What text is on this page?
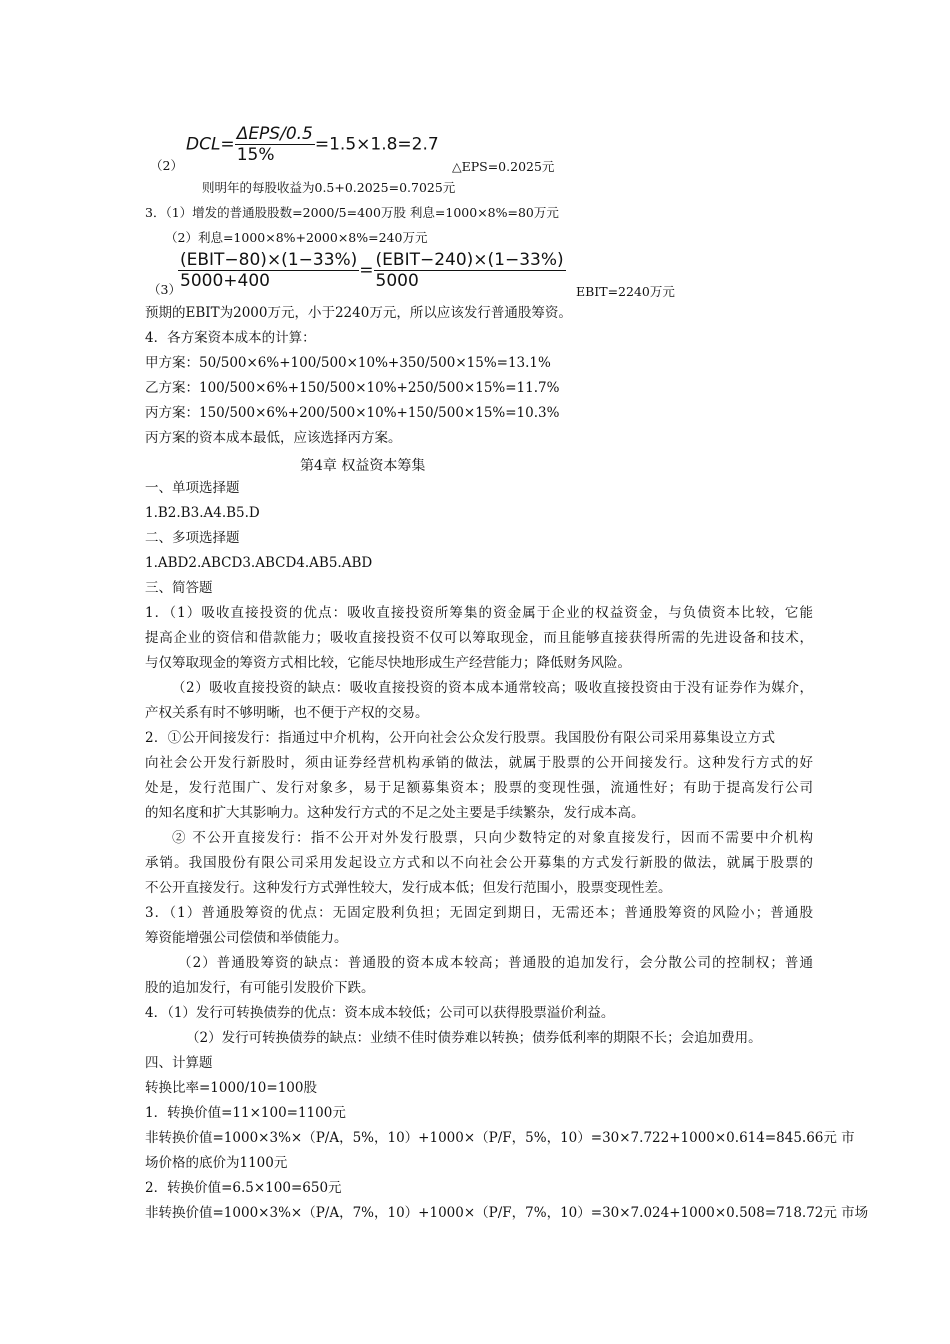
（2）
$DCL= \frac{\text{ΔEPS/0.5}}{15\%} =1.5\times 1.8=2.7$
△EPS=0.2025元
则明年的每股收益为0.5+0.2025=0.7025元
3．（1）增发的普通股股数=2000/5=400万股 利息=1000×8%=80万元
（2）利息=1000×8%+2000×8%=240万元
（3）
$\frac{\text{(EBIT−80)×(1−33\%)}}{5000+400} = \frac{\text{(EBIT−240)×(1−33\%)}}{5000}$
EBIT=2240万元
预期的EBIT为2000万元，小于2240万元，所以应该发行普通股筹资。
4．各方案资本成本的计算：
甲方案：50/500×6%+100/500×10%+350/500×15%=13.1%
乙方案：100/500×6%+150/500×10%+250/500×15%=11.7%
丙方案：150/500×6%+200/500×10%+150/500×15%=10.3%
丙方案的资本成本最低，应该选择丙方案。
第4章 权益资本筹集
一、单项选择题
1.B2.B3.A4.B5.D
二、多项选择题
1.ABD2.ABCD3.ABCD4.AB5.ABD
三、简答题
1．（1）吸收直接投资的优点：吸收直接投资所筹集的资金属于企业的权益资金，与负债资本比较，它能
提高企业的资信和借款能力；吸收直接投资不仅可以筹取现金，而且能够直接获得所需的先进设备和技术，
与仅筹取现金的筹资方式相比较，它能尽快地形成生产经营能力；降低财务风险。
（2）吸收直接投资的缺点：吸收直接投资的资本成本通常较高；吸收直接投资由于没有证券作为媒介，
产权关系有时不够明晰，也不便于产权的交易。
2．①公开间接发行：指通过中介机构，公开向社会公众发行股票。我国股份有限公司采用募集设立方式
向社会公开发行新股时，须由证券经营机构承销的做法，就属于股票的公开间接发行。这种发行方式的好
处是，发行范围广、发行对象多，易于足额募集资本；股票的变现性强，流通性好；有助于提高发行公司
的知名度和扩大其影响力。这种发行方式的不足之处主要是手续繁杂，发行成本高。
② 不公开直接发行：指不公开对外发行股票，只向少数特定的对象直接发行，因而不需要中介机构
承销。我国股份有限公司采用发起设立方式和以不向社会公开募集的方式发行新股的做法，就属于股票的
不公开直接发行。这种发行方式弹性较大，发行成本低；但发行范围小，股票变现性差。
3．（1）普通股筹资的优点：无固定股利负担；无固定到期日，无需还本；普通股筹资的风险小；普通股
筹资能增强公司偿债和举债能力。
（2）普通股筹资的缺点：普通股的资本成本较高；普通股的追加发行，会分散公司的控制权；普通
股的追加发行，有可能引发股价下跌。
4．（1）发行可转换债券的优点：资本成本较低；公司可以获得股票溢价利益。
（2）发行可转换债券的缺点：业绩不佳时债券难以转换；债券低利率的期限不长；会追加费用。
四、计算题
转换比率=1000/10=100股
1．转换价值=11×100=1100元
非转换价值=1000×3%×（P/A，5%，10）+1000×（P/F，5%，10）=30×7.722+1000×0.614=845.66元 市
场价格的底价为1100元
2．转换价值=6.5×100=650元
非转换价值=1000×3%×（P/A，7%，10）+1000×（P/F，7%，10）=30×7.024+1000×0.508=718.72元 市场
